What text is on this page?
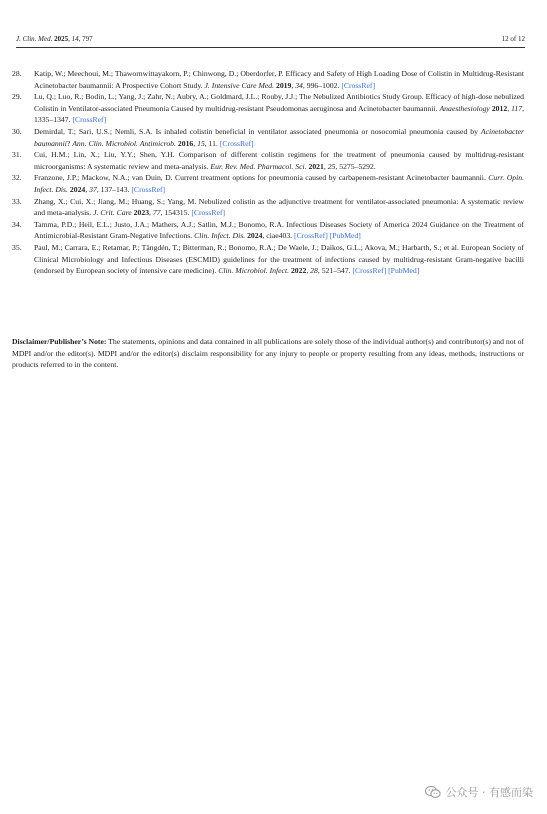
J. Clin. Med. 2025, 14, 797	12 of 12
28.	Katip, W.; Meechoui, M.; Thawornwittayakorn, P.; Chinwong, D.; Oberdorfer, P. Efficacy and Safety of High Loading Dose of Colistin in Multidrug-Resistant Acinetobacter baumannii: A Prospective Cohort Study. J. Intensive Care Med. 2019, 34, 996–1002. [CrossRef]
29.	Lu, Q.; Luo, R.; Bodin, L.; Yang, J.; Zahr, N.; Aubry, A.; Goldmard, J.L.; Rouby, J.J.; The Nebulized Antibiotics Study Group. Efficacy of high-dose nebulized Colistin in Ventilator-associated Pneumonia Caused by multidrug-resistant Pseudomonas aeruginosa and Acinetobacter baumannii. Anaesthesiology 2012, 117, 1335–1347. [CrossRef]
30.	Demirdal, T.; Sari, U.S.; Nemli, S.A. Is inhaled colistin beneficial in ventilator associated pneumonia or nosocomial pneumonia caused by Acinetobacter baumannii? Ann. Clin. Microbiol. Antimicrob. 2016, 15, 11. [CrossRef]
31.	Cui, H.M.; Lin, X.; Liu, Y.Y.; Shen, Y.H. Comparison of different colistin regimens for the treatment of pneumonia caused by multidrug-resistant microorganisms: A systematic review and meta-analysis. Eur. Rev. Med. Pharmacol. Sci. 2021, 25, 5275–5292.
32.	Franzone, J.P.; Mackow, N.A.; van Duin, D. Current treatment options for pneumonia caused by carbapenem-resistant Acinetobacter baumannii. Curr. Opin. Infect. Dis. 2024, 37, 137–143. [CrossRef]
33.	Zhang, X.; Cui, X.; Jiang, M.; Huang, S.; Yang, M. Nebulized colistin as the adjunctive treatment for ventilator-associated pneumonia: A systematic review and meta-analysis. J. Crit. Care 2023, 77, 154315. [CrossRef]
34.	Tamma, P.D.; Heil, E.L.; Justo, J.A.; Mathers, A.J.; Satlin, M.J.; Bonomo, R.A. Infectious Diseases Society of America 2024 Guidance on the Treatment of Antimicrobial-Resistant Gram-Negative Infections. Clin. Infect. Dis. 2024, ciae403. [CrossRef] [PubMed]
35.	Paul, M.; Carrara, E.; Retamar, P.; Tängdén, T.; Bitterman, R.; Bonomo, R.A.; De Waele, J.; Daikos, G.L.; Akova, M.; Harbarth, S.; et al. European Society of Clinical Microbiology and Infectious Diseases (ESCMID) guidelines for the treatment of infections caused by multidrug-resistant Gram-negative bacilli (endorsed by European society of intensive care medicine). Clin. Microbiol. Infect. 2022, 28, 521–547. [CrossRef] [PubMed]
Disclaimer/Publisher’s Note: The statements, opinions and data contained in all publications are solely those of the individual author(s) and contributor(s) and not of MDPI and/or the editor(s). MDPI and/or the editor(s) disclaim responsibility for any injury to people or property resulting from any ideas, methods, instructions or products referred to in the content.
公众号 · 有感而染
